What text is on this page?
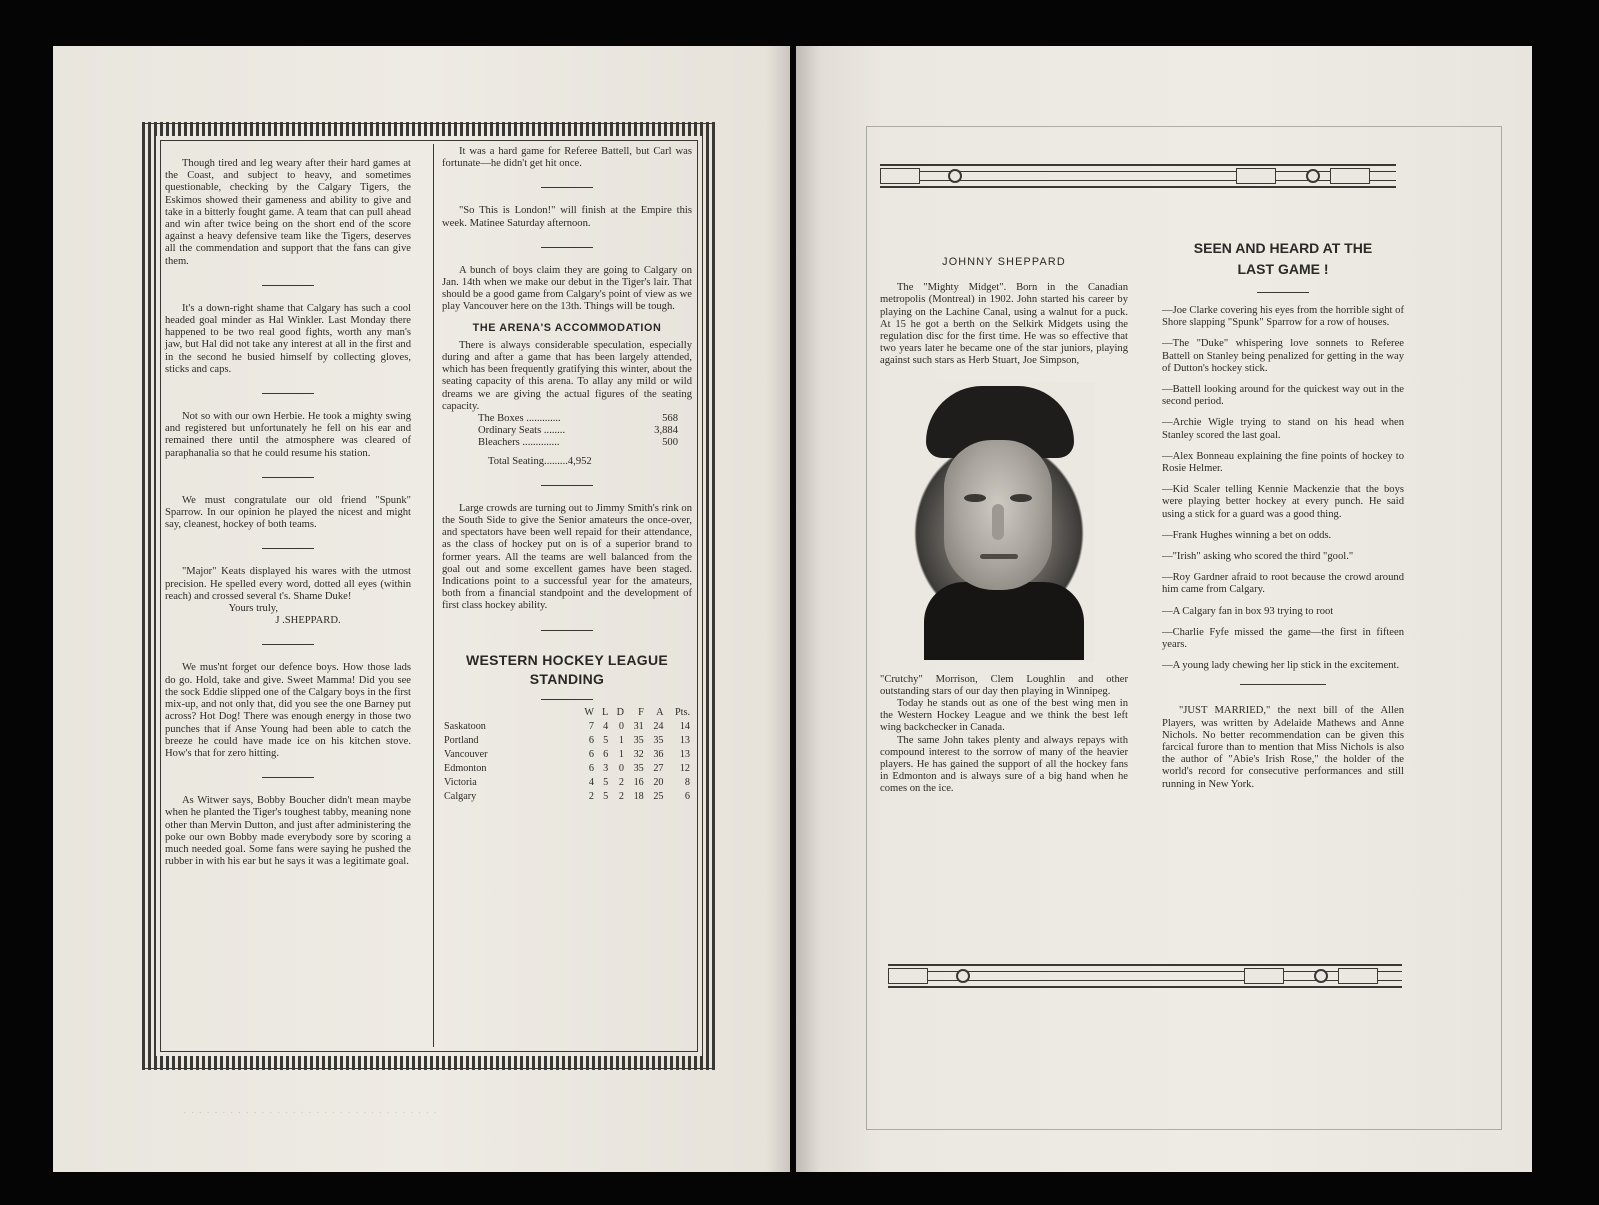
Though tired and leg weary after their hard games at the Coast, and subject to heavy, and sometimes questionable, checking by the Calgary Tigers, the Eskimos showed their gameness and ability to give and take in a bitterly fought game. A team that can pull ahead and win after twice being on the short end of the score against a heavy defensive team like the Tigers, deserves all the commendation and support that the fans can give them.

It's a down-right shame that Calgary has such a cool headed goal minder as Hal Winkler. Last Monday there happened to be two real good fights, worth any man's jaw, but Hal did not take any interest at all in the first and in the second he busied himself by collecting gloves, sticks and caps.

Not so with our own Herbie. He took a mighty swing and registered but unfortunately he fell on his ear and remained there until the atmosphere was cleared of paraphanalia so that he could resume his station.

We must congratulate our old friend "Spunk" Sparrow. In our opinion he played the nicest and might say, cleanest, hockey of both teams.

"Major" Keats displayed his wares with the utmost precision. He spelled every word, dotted all eyes (within reach) and crossed several t's. Shame Duke!

Yours truly,

J .SHEPPARD.

We mus'nt forget our defence boys. How those lads do go. Hold, take and give. Sweet Mamma! Did you see the sock Eddie slipped one of the Calgary boys in the first mix-up, and not only that, did you see the one Barney put across? Hot Dog! There was enough energy in those two punches that if Anse Young had been able to catch the breeze he could have made ice on his kitchen stove. How's that for zero hitting.

As Witwer says, Bobby Boucher didn't mean maybe when he planted the Tiger's toughest tabby, meaning none other than Mervin Dutton, and just after administering the poke our own Bobby made everybody sore by scoring a much needed goal. Some fans were saying he pushed the rubber in with his ear but he says it was a legitimate goal.

It was a hard game for Referee Battell, but Carl was fortunate—he didn't get hit once.

"So This is London!" will finish at the Empire this week. Matinee Saturday afternoon.

A bunch of boys claim they are going to Calgary on Jan. 14th when we make our debut in the Tiger's lair. That should be a good game from Calgary's point of view as we play Vancouver here on the 13th. Things will be tough.

THE ARENA'S ACCOMMODATION

There is always considerable speculation, especially during and after a game that has been largely attended, which has been frequently gratifying this winter, about the seating capacity of this arena. To allay any mild or wild dreams we are giving the actual figures of the seating capacity.

The Boxes .............	568
Ordinary Seats ........	3,884
Bleachers ..............	500
Total Seating.........4,952

Large crowds are turning out to Jimmy Smith's rink on the South Side to give the Senior amateurs the once-over, and spectators have been well repaid for their attendance, as the class of hockey put on is of a superior brand to former years. All the teams are well balanced from the goal out and some excellent games have been staged. Indications point to a successful year for the amateurs, both from a financial standpoint and the development of first class hockey ability.

WESTERN HOCKEY LEAGUE
STANDING
	W	L	D	F	A	Pts.
Saskatoon	7	4	0	31	24	14
Portland	6	5	1	35	35	13
Vancouver	6	6	1	32	36	13
Edmonton	6	3	0	35	27	12
Victoria	4	5	2	16	20	8
Calgary	2	5	2	18	25	6
· · · · · · · · · · · · · · · · · · · · · · · · · · · · · · · · ·
JOHNNY SHEPPARD

The "Mighty Midget". Born in the Canadian metropolis (Montreal) in 1902. John started his career by playing on the Lachine Canal, using a walnut for a puck. At 15 he got a berth on the Selkirk Midgets using the regulation disc for the first time. He was so effective that two years later he became one of the star juniors, playing against such stars as Herb Stuart, Joe Simpson,

"Crutchy" Morrison, Clem Loughlin and other outstanding stars of our day then playing in Winnipeg.

Today he stands out as one of the best wing men in the Western Hockey League and we think the best left wing backchecker in Canada.

The same John takes plenty and always repays with compound interest to the sorrow of many of the heavier players. He has gained the support of all the hockey fans in Edmonton and is always sure of a big hand when he comes on the ice.

SEEN AND HEARD AT THE
LAST GAME !

—Joe Clarke covering his eyes from the horrible sight of Shore slapping "Spunk" Sparrow for a row of houses.

—The "Duke" whispering love sonnets to Referee Battell on Stanley being penalized for getting in the way of Dutton's hockey stick.

—Battell looking around for the quickest way out in the second period.

—Archie Wigle trying to stand on his head when Stanley scored the last goal.

—Alex Bonneau explaining the fine points of hockey to Rosie Helmer.

—Kid Scaler telling Kennie Mackenzie that the boys were playing better hockey at every punch. He said using a stick for a guard was a good thing.

—Frank Hughes winning a bet on odds.

—"Irish" asking who scored the third "gool."

—Roy Gardner afraid to root because the crowd around him came from Calgary.

—A Calgary fan in box 93 trying to root

—Charlie Fyfe missed the game—the first in fifteen years.

—A young lady chewing her lip stick in the excitement.

"JUST MARRIED," the next bill of the Allen Players, was written by Adelaide Mathews and Anne Nichols. No better recommendation can be given this farcical furore than to mention that Miss Nichols is also the author of "Abie's Irish Rose," the holder of the world's record for consecutive performances and still running in New York.
